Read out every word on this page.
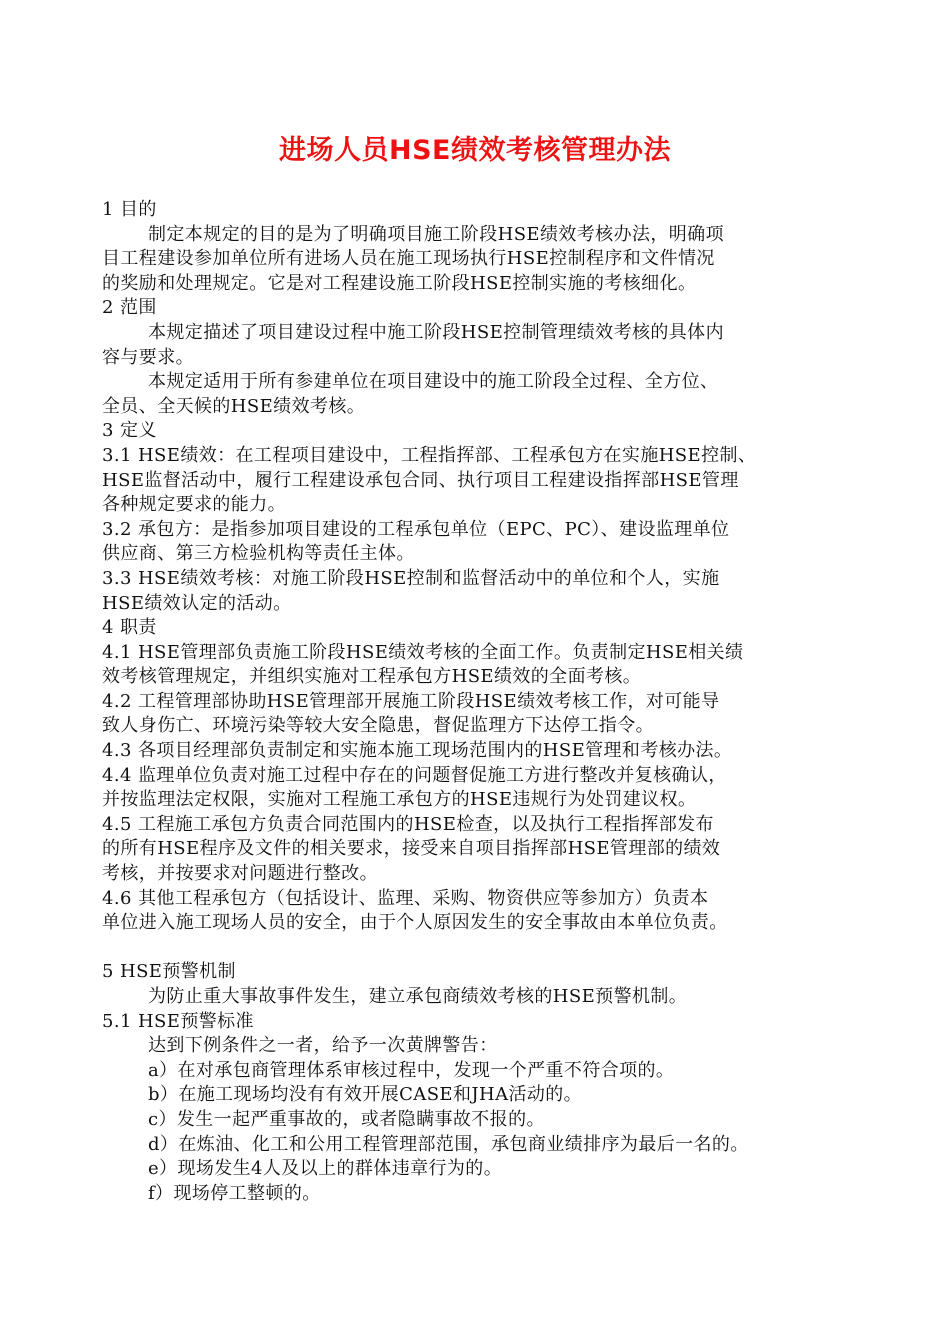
进场人员HSE绩效考核管理办法
1 目的
制定本规定的目的是为了明确项目施工阶段HSE绩效考核办法，明确项
目工程建设参加单位所有进场人员在施工现场执行HSE控制程序和文件情况
的奖励和处理规定。它是对工程建设施工阶段HSE控制实施的考核细化。
2 范围
本规定描述了项目建设过程中施工阶段HSE控制管理绩效考核的具体内
容与要求。
本规定适用于所有参建单位在项目建设中的施工阶段全过程、全方位、
全员、全天候的HSE绩效考核。
3 定义
3.1 HSE绩效：在工程项目建设中，工程指挥部、工程承包方在实施HSE控制、
HSE监督活动中，履行工程建设承包合同、执行项目工程建设指挥部HSE管理
各种规定要求的能力。
3.2 承包方：是指参加项目建设的工程承包单位（EPC、PC）、建设监理单位
供应商、第三方检验机构等责任主体。
3.3 HSE绩效考核：对施工阶段HSE控制和监督活动中的单位和个人，实施
HSE绩效认定的活动。
4 职责
4.1 HSE管理部负责施工阶段HSE绩效考核的全面工作。负责制定HSE相关绩
效考核管理规定，并组织实施对工程承包方HSE绩效的全面考核。
4.2 工程管理部协助HSE管理部开展施工阶段HSE绩效考核工作，对可能导
致人身伤亡、环境污染等较大安全隐患，督促监理方下达停工指令。
4.3 各项目经理部负责制定和实施本施工现场范围内的HSE管理和考核办法。
4.4 监理单位负责对施工过程中存在的问题督促施工方进行整改并复核确认，
并按监理法定权限，实施对工程施工承包方的HSE违规行为处罚建议权。
4.5 工程施工承包方负责合同范围内的HSE检查，以及执行工程指挥部发布
的所有HSE程序及文件的相关要求，接受来自项目指挥部HSE管理部的绩效
考核，并按要求对问题进行整改。
4.6 其他工程承包方（包括设计、监理、采购、物资供应等参加方）负责本
单位进入施工现场人员的安全，由于个人原因发生的安全事故由本单位负责。
5 HSE预警机制
为防止重大事故事件发生，建立承包商绩效考核的HSE预警机制。
5.1 HSE预警标准
达到下例条件之一者，给予一次黄牌警告：
a）在对承包商管理体系审核过程中，发现一个严重不符合项的。
b）在施工现场均没有有效开展CASE和JHA活动的。
c）发生一起严重事故的，或者隐瞒事故不报的。
d）在炼油、化工和公用工程管理部范围，承包商业绩排序为最后一名的。
e）现场发生4人及以上的群体违章行为的。
f）现场停工整顿的。
